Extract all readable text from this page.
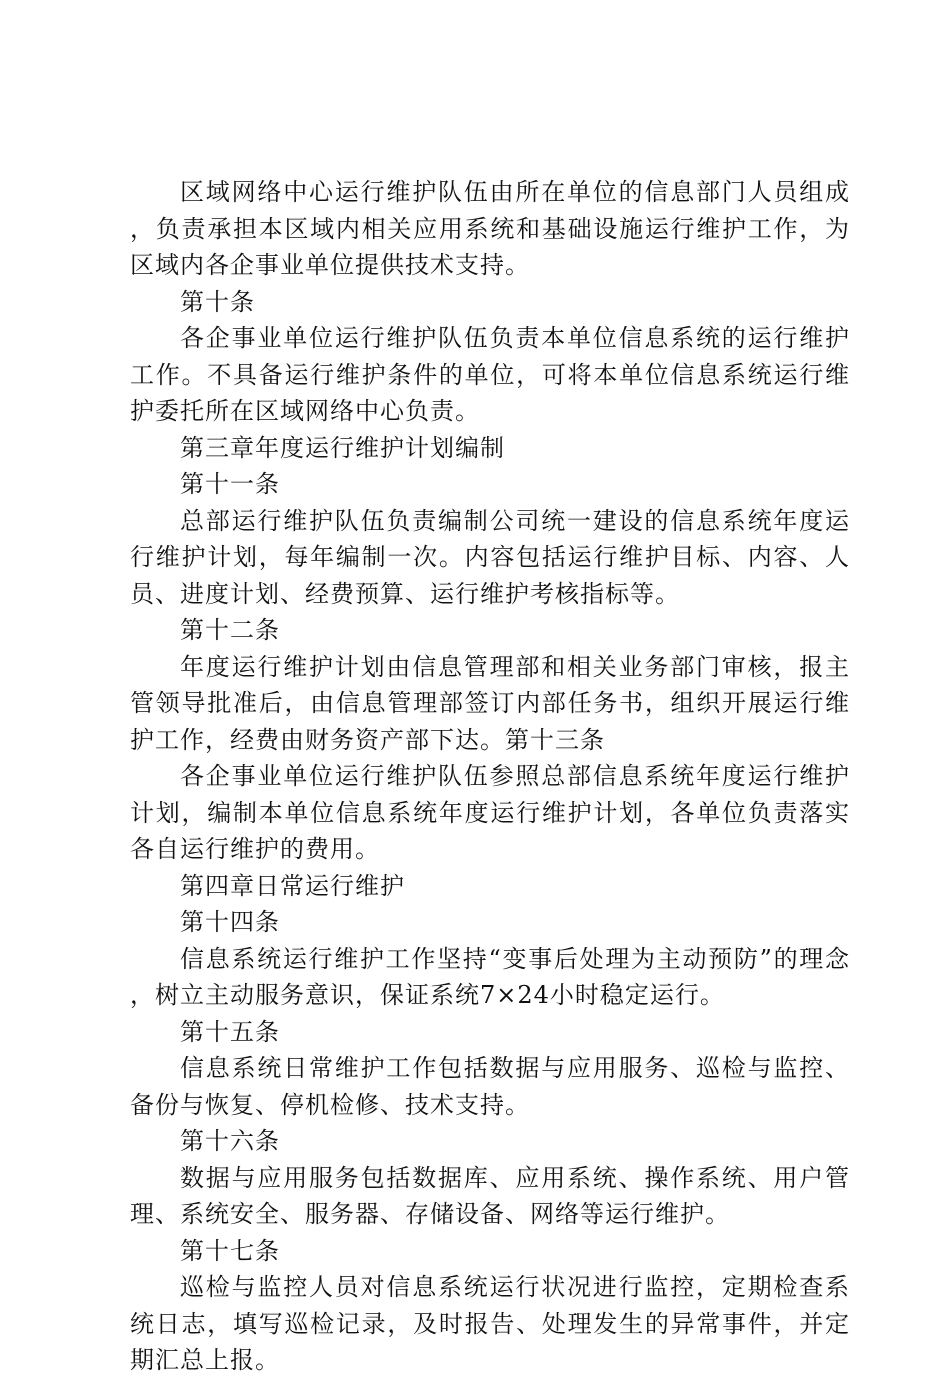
区域网络中心运行维护队伍由所在单位的信息部门人员组成，负责承担本区域内相关应用系统和基础设施运行维护工作，为区域内各企事业单位提供技术支持。

第十条

各企事业单位运行维护队伍负责本单位信息系统的运行维护工作。不具备运行维护条件的单位，可将本单位信息系统运行维护委托所在区域网络中心负责。

第三章年度运行维护计划编制

第十一条

总部运行维护队伍负责编制公司统一建设的信息系统年度运行维护计划，每年编制一次。内容包括运行维护目标、内容、人员、进度计划、经费预算、运行维护考核指标等。

第十二条

年度运行维护计划由信息管理部和相关业务部门审核，报主管领导批准后，由信息管理部签订内部任务书，组织开展运行维护工作，经费由财务资产部下达。第十三条

各企事业单位运行维护队伍参照总部信息系统年度运行维护计划，编制本单位信息系统年度运行维护计划，各单位负责落实各自运行维护的费用。

第四章日常运行维护

第十四条

信息系统运行维护工作坚持“变事后处理为主动预防”的理念，树立主动服务意识，保证系统7×24小时稳定运行。

第十五条

信息系统日常维护工作包括数据与应用服务、巡检与监控、备份与恢复、停机检修、技术支持。

第十六条

数据与应用服务包括数据库、应用系统、操作系统、用户管理、系统安全、服务器、存储设备、网络等运行维护。

第十七条

巡检与监控人员对信息系统运行状况进行监控，定期检查系统日志，填写巡检记录，及时报告、处理发生的异常事件，并定期汇总上报。
